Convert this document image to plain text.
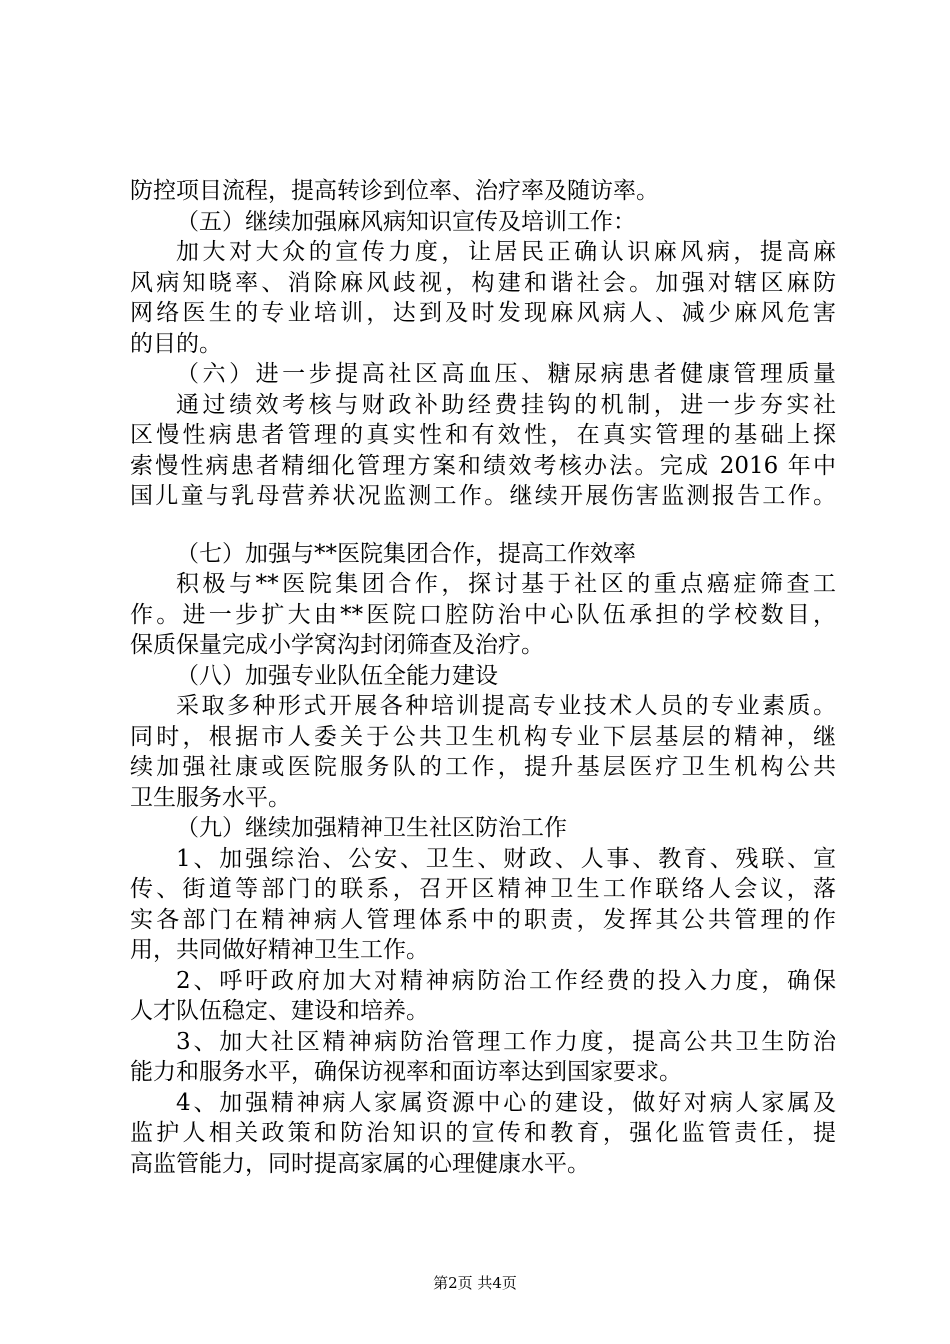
防控项目流程，提高转诊到位率、治疗率及随访率。
（五）继续加强麻风病知识宣传及培训工作：
加大对大众的宣传力度，让居民正确认识麻风病，提高麻
风病知晓率、消除麻风歧视，构建和谐社会。加强对辖区麻防
网络医生的专业培训，达到及时发现麻风病人、减少麻风危害
的目的。
（六）进一步提高社区高血压、糖尿病患者健康管理质量
通过绩效考核与财政补助经费挂钩的机制，进一步夯实社
区慢性病患者管理的真实性和有效性，在真实管理的基础上探
索慢性病患者精细化管理方案和绩效考核办法。完成 2016 年中
国儿童与乳母营养状况监测工作。继续开展伤害监测报告工作。
（七）加强与**医院集团合作，提高工作效率
积极与**医院集团合作，探讨基于社区的重点癌症筛查工
作。进一步扩大由**医院口腔防治中心队伍承担的学校数目，
保质保量完成小学窝沟封闭筛查及治疗。
（八）加强专业队伍全能力建设
采取多种形式开展各种培训提高专业技术人员的专业素质。
同时，根据市人委关于公共卫生机构专业下层基层的精神，继
续加强社康或医院服务队的工作，提升基层医疗卫生机构公共
卫生服务水平。
（九）继续加强精神卫生社区防治工作
1、加强综治、公安、卫生、财政、人事、教育、残联、宣
传、街道等部门的联系，召开区精神卫生工作联络人会议，落
实各部门在精神病人管理体系中的职责，发挥其公共管理的作
用，共同做好精神卫生工作。
2、呼吁政府加大对精神病防治工作经费的投入力度，确保
人才队伍稳定、建设和培养。
3、加大社区精神病防治管理工作力度，提高公共卫生防治
能力和服务水平，确保访视率和面访率达到国家要求。
4、加强精神病人家属资源中心的建设，做好对病人家属及
监护人相关政策和防治知识的宣传和教育，强化监管责任，提
高监管能力，同时提高家属的心理健康水平。
第2页 共4页
